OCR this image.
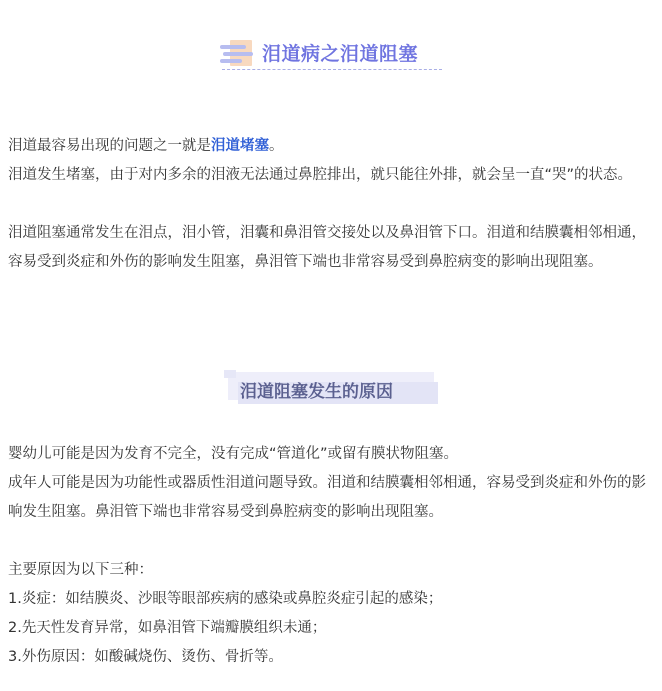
泪道病之泪道阻塞

泪道最容易出现的问题之一就是泪道堵塞。

泪道发生堵塞，由于对内多余的泪液无法通过鼻腔排出，就只能往外排，就会呈一直“哭”的状态。

泪道阻塞通常发生在泪点，泪小管，泪囊和鼻泪管交接处以及鼻泪管下口。泪道和结膜囊相邻相通，容易受到炎症和外伤的影响发生阻塞，鼻泪管下端也非常容易受到鼻腔病变的影响出现阻塞。

泪道阻塞发生的原因

婴幼儿可能是因为发育不完全，没有完成“管道化”或留有膜状物阻塞。

成年人可能是因为功能性或器质性泪道问题导致。泪道和结膜囊相邻相通，容易受到炎症和外伤的影响发生阻塞。鼻泪管下端也非常容易受到鼻腔病变的影响出现阻塞。

主要原因为以下三种：

1.炎症：如结膜炎、沙眼等眼部疾病的感染或鼻腔炎症引起的感染；

2.先天性发育异常，如鼻泪管下端瓣膜组织未通；

3.外伤原因：如酸碱烧伤、烫伤、骨折等。
